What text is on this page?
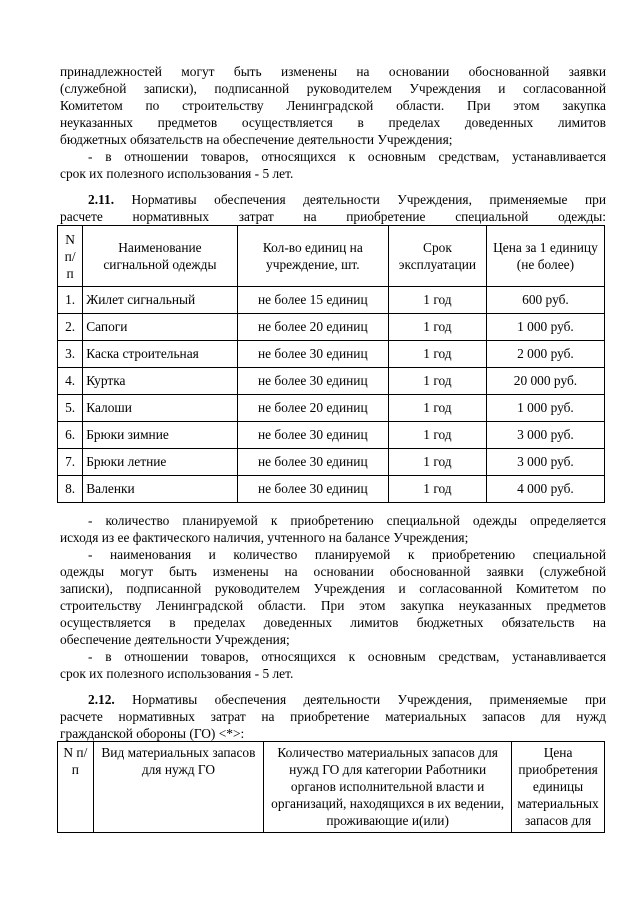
принадлежностей могут быть изменены на основании обоснованной заявки
(служебной записки), подписанной руководителем Учреждения и согласованной
Комитетом по строительству Ленинградской области. При этом закупка
неуказанных предметов осуществляется в пределах доведенных лимитов
бюджетных обязательств на обеспечение деятельности Учреждения;
- в отношении товаров, относящихся к основным средствам, устанавливается
срок их полезного использования - 5 лет.
2.11. Нормативы обеспечения деятельности Учреждения, применяемые при
расчете нормативных затрат на приобретение специальной одежды:
N п/ п	Наименование сигнальной одежды	Кол-во единиц на учреждение, шт.	Срок эксплуатации	Цена за 1 единицу (не более)
1.	Жилет сигнальный	не более 15 единиц	1 год	600 руб.
2.	Сапоги	не более 20 единиц	1 год	1 000 руб.
3.	Каска строительная	не более 30 единиц	1 год	2 000 руб.
4.	Куртка	не более 30 единиц	1 год	20 000 руб.
5.	Калоши	не более 20 единиц	1 год	1 000 руб.
6.	Брюки зимние	не более 30 единиц	1 год	3 000 руб.
7.	Брюки летние	не более 30 единиц	1 год	3 000 руб.
8.	Валенки	не более 30 единиц	1 год	4 000 руб.
- количество планируемой к приобретению специальной одежды определяется
исходя из ее фактического наличия, учтенного на балансе Учреждения;
- наименования и количество планируемой к приобретению специальной
одежды могут быть изменены на основании обоснованной заявки (служебной
записки), подписанной руководителем Учреждения и согласованной Комитетом по
строительству Ленинградской области. При этом закупка неуказанных предметов
осуществляется в пределах доведенных лимитов бюджетных обязательств на
обеспечение деятельности Учреждения;
- в отношении товаров, относящихся к основным средствам, устанавливается
срок их полезного использования - 5 лет.
2.12. Нормативы обеспечения деятельности Учреждения, применяемые при
расчете нормативных затрат на приобретение материальных запасов для нужд
гражданской обороны (ГО) <*>:
N п/п	Вид материальных запасов для нужд ГО	Количество материальных запасов для нужд ГО для категории Работники органов исполнительной власти и организаций, находящихся в их ведении, проживающие и(или)	Цена приобретения единицы материальных запасов для
